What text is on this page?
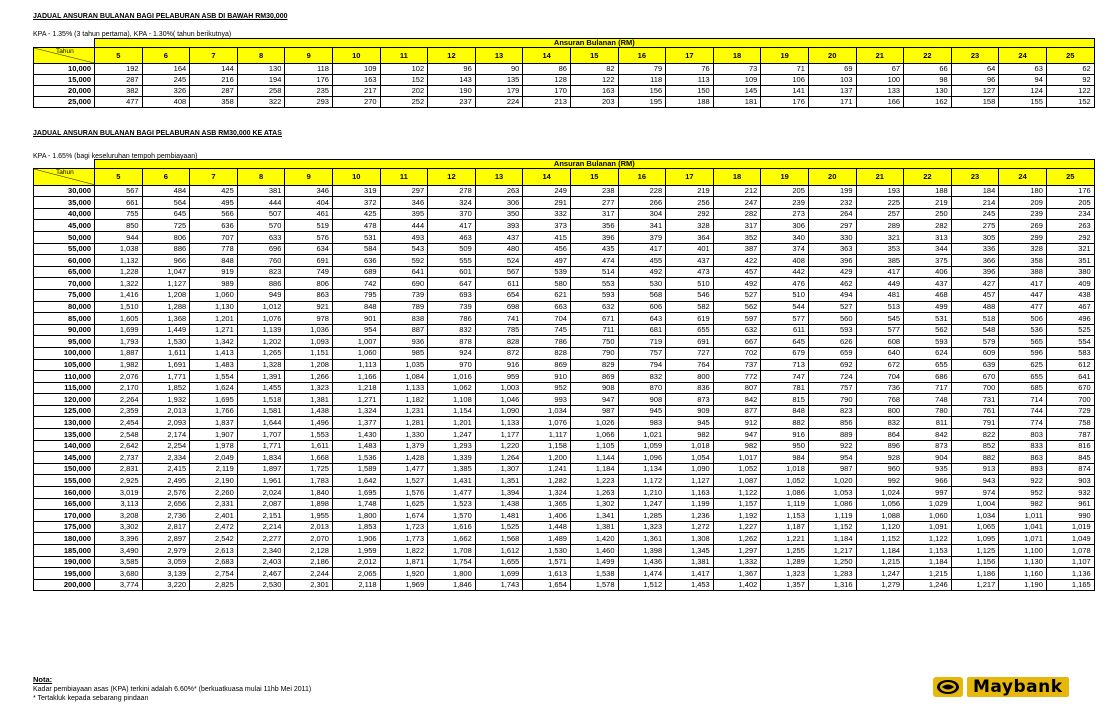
JADUAL ANSURAN BULANAN BAGI PELABURAN ASB DI BAWAH RM30,000
KPA - 1.35% (3 tahun pertama), KPA - 1.30%( tahun berikutnya)
	Ansuran Bulanan (RM)																				

Tahun	5	6	7	8	9	10	11	12	13	14	15	16	17	18	19	20	21	22	23	24	25
10,000	192	164	144	130	118	109	102	96	90	86	82	79	76	73	71	69	67	66	64	63	62
15,000	287	245	216	194	176	163	152	143	135	128	122	118	113	109	106	103	100	98	96	94	92
20,000	382	326	287	258	235	217	202	190	179	170	163	156	150	145	141	137	133	130	127	124	122
25,000	477	408	358	322	293	270	252	237	224	213	203	195	188	181	176	171	166	162	158	155	152
JADUAL ANSURAN BULANAN BAGI PELABURAN ASB RM30,000 KE ATAS
KPA - 1.65% (bagi keseluruhan tempoh pembiayaan)
	Ansuran Bulanan (RM)																				

Tahun	5	6	7	8	9	10	11	12	13	14	15	16	17	18	19	20	21	22	23	24	25
30,000	567	484	425	381	346	319	297	278	263	249	238	228	219	212	205	199	193	188	184	180	176
35,000	661	564	495	444	404	372	346	324	306	291	277	266	256	247	239	232	225	219	214	209	205
40,000	755	645	566	507	461	425	395	370	350	332	317	304	292	282	273	264	257	250	245	239	234
45,000	850	725	636	570	519	478	444	417	393	373	356	341	328	317	306	297	289	282	275	269	263
50,000	944	806	707	633	576	531	493	463	437	415	396	379	364	352	340	330	321	313	305	299	292
55,000	1,038	886	778	696	634	584	543	509	480	456	435	417	401	387	374	363	353	344	336	328	321
60,000	1,132	966	848	760	691	636	592	555	524	497	474	455	437	422	408	396	385	375	366	358	351
65,000	1,228	1,047	919	823	749	689	641	601	567	539	514	492	473	457	442	429	417	406	396	388	380
70,000	1,322	1,127	989	886	806	742	690	647	611	580	553	530	510	492	476	462	449	437	427	417	409
75,000	1,416	1,208	1,060	949	863	795	739	693	654	621	593	568	546	527	510	494	481	468	457	447	438
80,000	1,510	1,288	1,130	1,012	921	848	789	739	698	663	632	606	582	562	544	527	513	499	488	477	467
85,000	1,605	1,368	1,201	1,076	978	901	838	786	741	704	671	643	619	597	577	560	545	531	518	506	496
90,000	1,699	1,449	1,271	1,139	1,036	954	887	832	785	745	711	681	655	632	611	593	577	562	548	536	525
95,000	1,793	1,530	1,342	1,202	1,093	1,007	936	878	828	786	750	719	691	667	645	626	608	593	579	565	554
100,000	1,887	1,611	1,413	1,265	1,151	1,060	985	924	872	828	790	757	727	702	679	659	640	624	609	596	583
105,000	1,982	1,691	1,483	1,328	1,208	1,113	1,035	970	916	869	829	794	764	737	713	692	672	655	639	625	612
110,000	2,076	1,771	1,554	1,391	1,266	1,166	1,084	1,016	959	910	869	832	800	772	747	724	704	686	670	655	641
115,000	2,170	1,852	1,624	1,455	1,323	1,218	1,133	1,062	1,003	952	908	870	836	807	781	757	736	717	700	685	670
120,000	2,264	1,932	1,695	1,518	1,381	1,271	1,182	1,108	1,046	993	947	908	873	842	815	790	768	748	731	714	700
125,000	2,359	2,013	1,766	1,581	1,438	1,324	1,231	1,154	1,090	1,034	987	945	909	877	848	823	800	780	761	744	729
130,000	2,454	2,093	1,837	1,644	1,496	1,377	1,281	1,201	1,133	1,076	1,026	983	945	912	882	856	832	811	791	774	758
135,000	2,548	2,174	1,907	1,707	1,553	1,430	1,330	1,247	1,177	1,117	1,066	1,021	982	947	916	889	864	842	822	803	787
140,000	2,642	2,254	1,978	1,771	1,611	1,483	1,379	1,293	1,220	1,158	1,105	1,059	1,018	982	950	922	896	873	852	833	816
145,000	2,737	2,334	2,049	1,834	1,668	1,536	1,428	1,339	1,264	1,200	1,144	1,096	1,054	1,017	984	954	928	904	882	863	845
150,000	2,831	2,415	2,119	1,897	1,725	1,589	1,477	1,385	1,307	1,241	1,184	1,134	1,090	1,052	1,018	987	960	935	913	893	874
155,000	2,925	2,495	2,190	1,961	1,783	1,642	1,527	1,431	1,351	1,282	1,223	1,172	1,127	1,087	1,052	1,020	992	966	943	922	903
160,000	3,019	2,576	2,260	2,024	1,840	1,695	1,576	1,477	1,394	1,324	1,263	1,210	1,163	1,122	1,086	1,053	1,024	997	974	952	932
165,000	3,113	2,656	2,331	2,087	1,898	1,748	1,625	1,523	1,438	1,365	1,302	1,247	1,199	1,157	1,119	1,086	1,056	1,029	1,004	982	961
170,000	3,208	2,736	2,401	2,151	1,955	1,800	1,674	1,570	1,481	1,406	1,341	1,285	1,236	1,192	1,153	1,119	1,088	1,060	1,034	1,011	990
175,000	3,302	2,817	2,472	2,214	2,013	1,853	1,723	1,616	1,525	1,448	1,381	1,323	1,272	1,227	1,187	1,152	1,120	1,091	1,065	1,041	1,019
180,000	3,396	2,897	2,542	2,277	2,070	1,906	1,773	1,662	1,568	1,489	1,420	1,361	1,308	1,262	1,221	1,184	1,152	1,122	1,095	1,071	1,049
185,000	3,490	2,979	2,613	2,340	2,128	1,959	1,822	1,708	1,612	1,530	1,460	1,398	1,345	1,297	1,255	1,217	1,184	1,153	1,125	1,100	1,078
190,000	3,585	3,059	2,683	2,403	2,186	2,012	1,871	1,754	1,655	1,571	1,499	1,436	1,381	1,332	1,289	1,250	1,215	1,184	1,156	1,130	1,107
195,000	3,680	3,139	2,754	2,467	2,244	2,065	1,920	1,800	1,699	1,613	1,538	1,474	1,417	1,367	1,323	1,283	1,247	1,215	1,186	1,160	1,136
200,000	3,774	3,220	2,825	2,530	2,301	2,118	1,969	1,846	1,743	1,654	1,578	1,512	1,453	1,402	1,357	1,316	1,279	1,246	1,217	1,190	1,165
Nota:
Kadar pembiayaan asas (KPA) terkini adalah 6.60%* (berkuatkuasa mulai 11hb Mei 2011)
* Tertakluk kepada sebarang pindaan
Maybank
